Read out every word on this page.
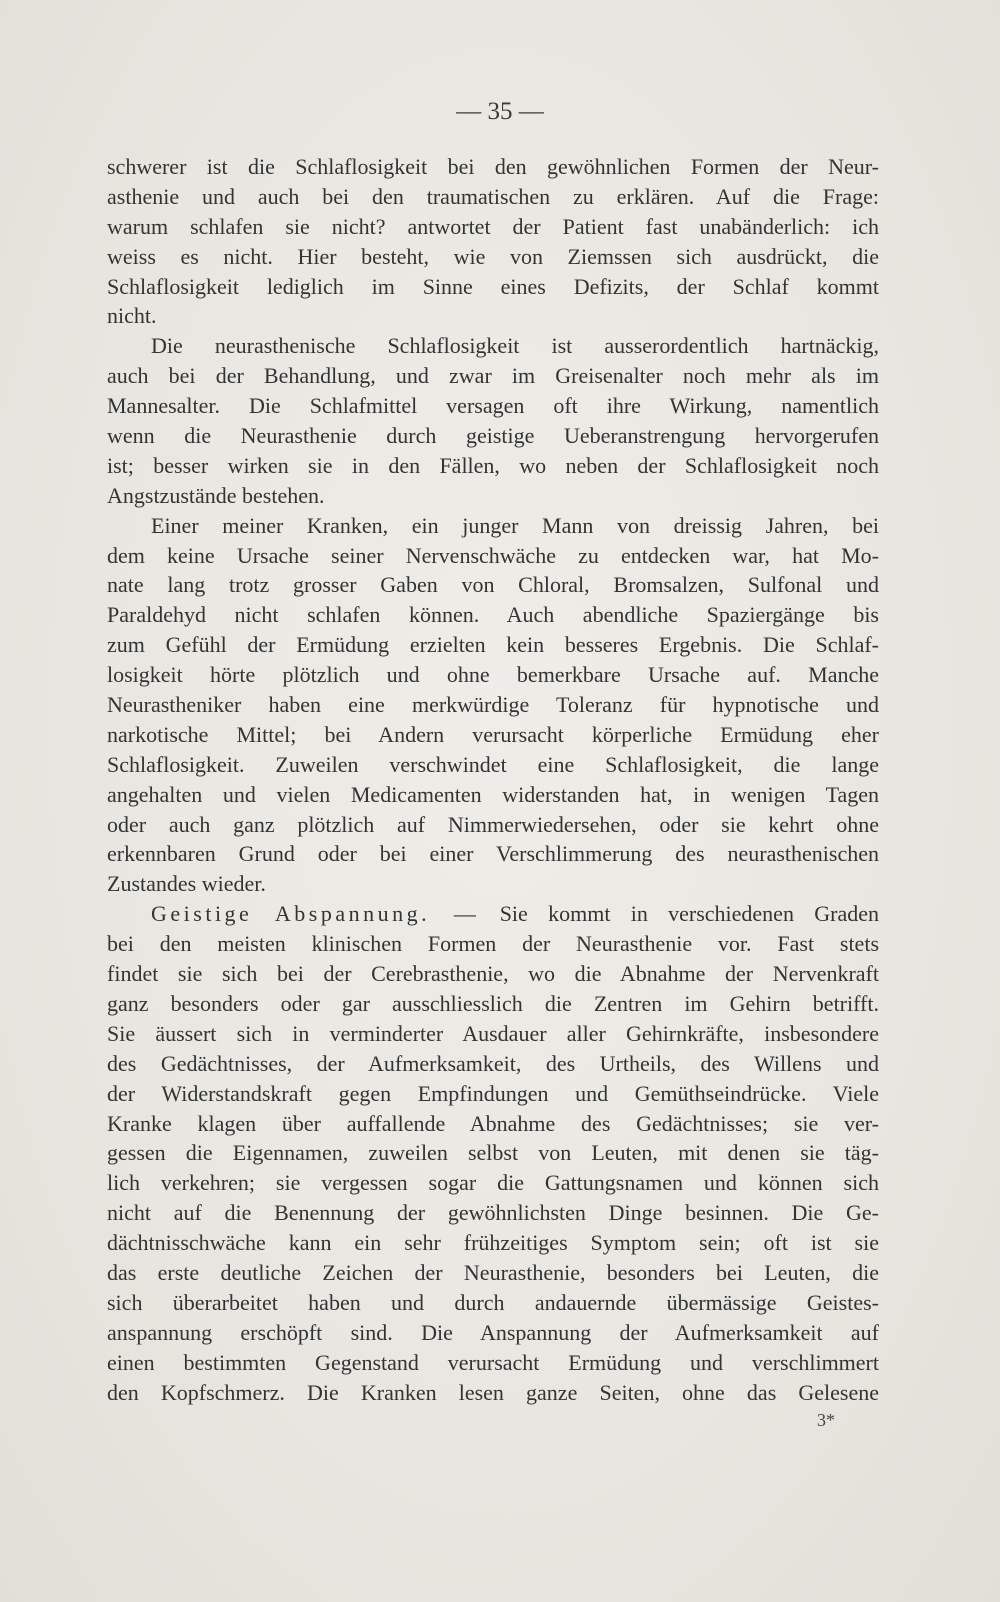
— 35 —
schwerer ist die Schlaflosigkeit bei den gewöhnlichen Formen der Neur-
asthenie und auch bei den traumatischen zu erklären. Auf die Frage:
warum schlafen sie nicht? antwortet der Patient fast unabänderlich: ich
weiss es nicht. Hier besteht, wie von Ziemssen sich ausdrückt, die
Schlaflosigkeit lediglich im Sinne eines Defizits, der Schlaf kommt
nicht.
Die neurasthenische Schlaflosigkeit ist ausserordentlich hartnäckig,
auch bei der Behandlung, und zwar im Greisenalter noch mehr als im
Mannesalter. Die Schlafmittel versagen oft ihre Wirkung, namentlich
wenn die Neurasthenie durch geistige Ueberanstrengung hervorgerufen
ist; besser wirken sie in den Fällen, wo neben der Schlaflosigkeit noch
Angstzustände bestehen.
Einer meiner Kranken, ein junger Mann von dreissig Jahren, bei
dem keine Ursache seiner Nervenschwäche zu entdecken war, hat Mo-
nate lang trotz grosser Gaben von Chloral, Bromsalzen, Sulfonal und
Paraldehyd nicht schlafen können. Auch abendliche Spaziergänge bis
zum Gefühl der Ermüdung erzielten kein besseres Ergebnis. Die Schlaf-
losigkeit hörte plötzlich und ohne bemerkbare Ursache auf. Manche
Neurastheniker haben eine merkwürdige Toleranz für hypnotische und
narkotische Mittel; bei Andern verursacht körperliche Ermüdung eher
Schlaflosigkeit. Zuweilen verschwindet eine Schlaflosigkeit, die lange
angehalten und vielen Medicamenten widerstanden hat, in wenigen Tagen
oder auch ganz plötzlich auf Nimmerwiedersehen, oder sie kehrt ohne
erkennbaren Grund oder bei einer Verschlimmerung des neurasthenischen
Zustandes wieder.
Geistige Abspannung. — Sie kommt in verschiedenen Graden
bei den meisten klinischen Formen der Neurasthenie vor. Fast stets
findet sie sich bei der Cerebrasthenie, wo die Abnahme der Nervenkraft
ganz besonders oder gar ausschliesslich die Zentren im Gehirn betrifft.
Sie äussert sich in verminderter Ausdauer aller Gehirnkräfte, insbesondere
des Gedächtnisses, der Aufmerksamkeit, des Urtheils, des Willens und
der Widerstandskraft gegen Empfindungen und Gemüthseindrücke. Viele
Kranke klagen über auffallende Abnahme des Gedächtnisses; sie ver-
gessen die Eigennamen, zuweilen selbst von Leuten, mit denen sie täg-
lich verkehren; sie vergessen sogar die Gattungsnamen und können sich
nicht auf die Benennung der gewöhnlichsten Dinge besinnen. Die Ge-
dächtnisschwäche kann ein sehr frühzeitiges Symptom sein; oft ist sie
das erste deutliche Zeichen der Neurasthenie, besonders bei Leuten, die
sich überarbeitet haben und durch andauernde übermässige Geistes-
anspannung erschöpft sind. Die Anspannung der Aufmerksamkeit auf
einen bestimmten Gegenstand verursacht Ermüdung und verschlimmert
den Kopfschmerz. Die Kranken lesen ganze Seiten, ohne das Gelesene
3*
